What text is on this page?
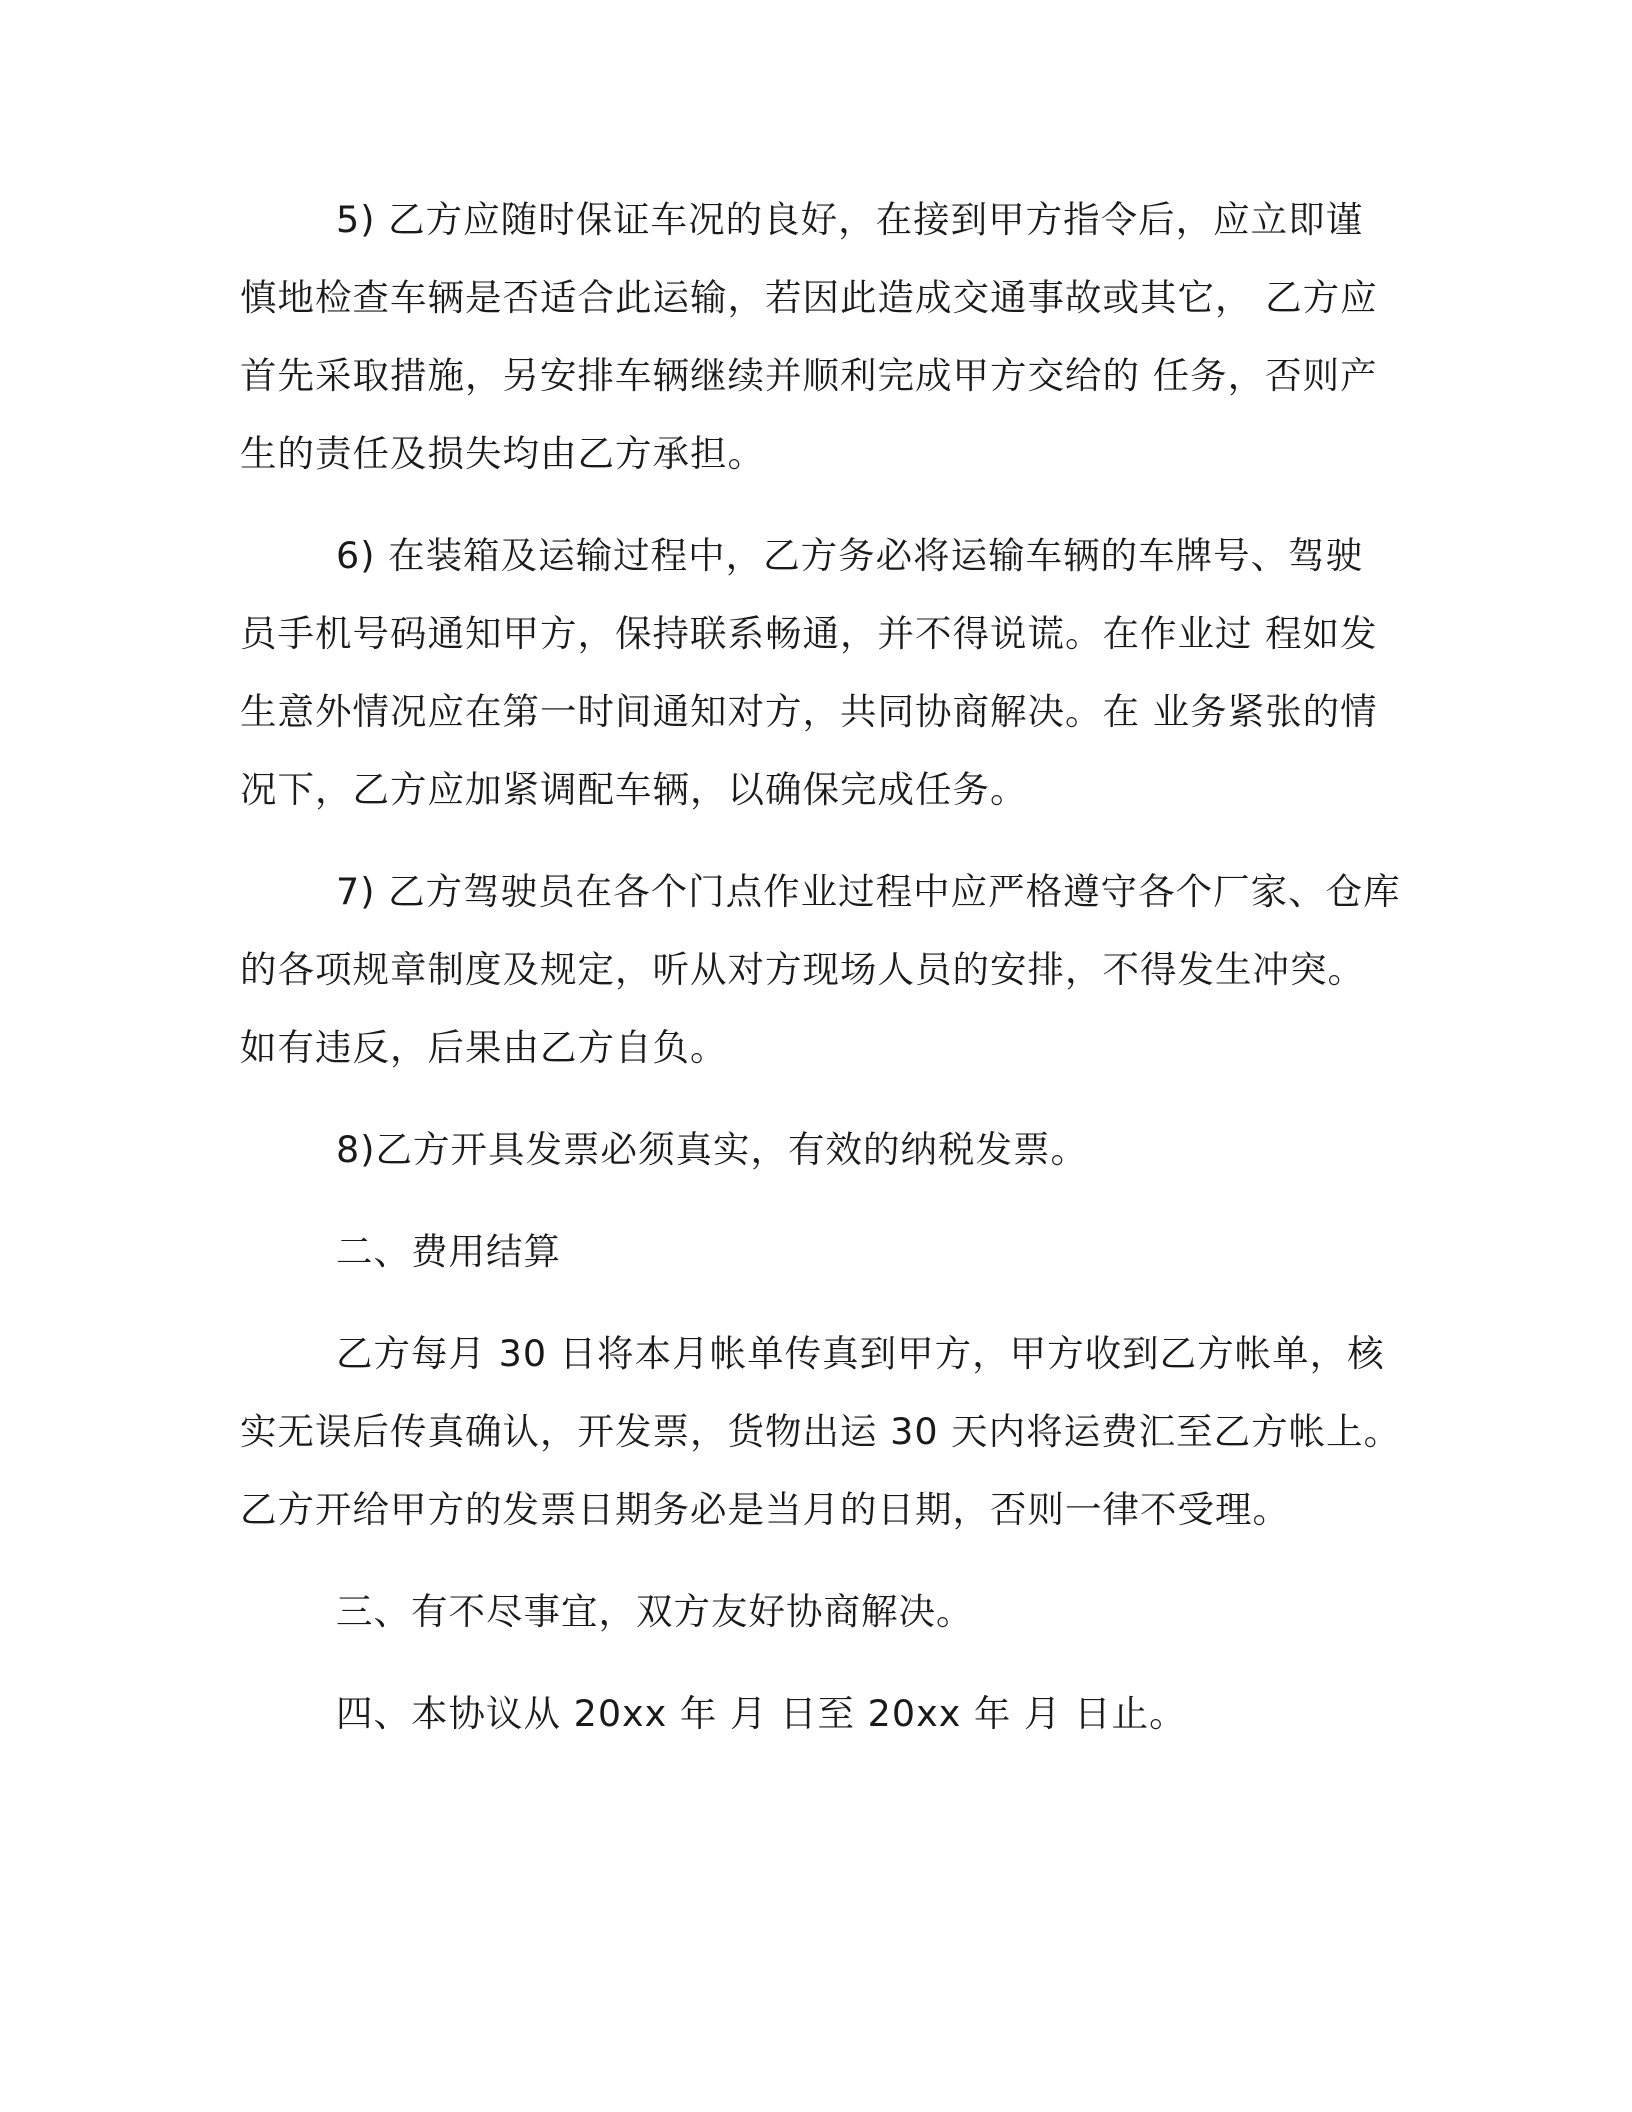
5) 乙方应随时保证车况的良好，在接到甲方指令后，应立即谨
慎地检查车辆是否适合此运输，若因此造成交通事故或其它， 乙方应
首先采取措施，另安排车辆继续并顺利完成甲方交给的 任务，否则产
生的责任及损失均由乙方承担。
6) 在装箱及运输过程中，乙方务必将运输车辆的车牌号、驾驶
员手机号码通知甲方，保持联系畅通，并不得说谎。在作业过 程如发
生意外情况应在第一时间通知对方，共同协商解决。在 业务紧张的情
况下，乙方应加紧调配车辆，以确保完成任务。
7) 乙方驾驶员在各个门点作业过程中应严格遵守各个厂家、仓库
的各项规章制度及规定，听从对方现场人员的安排，不得发生冲突。
如有违反，后果由乙方自负。
8)乙方开具发票必须真实，有效的纳税发票。
二、费用结算
乙方每月 30 日将本月帐单传真到甲方，甲方收到乙方帐单，核
实无误后传真确认，开发票，货物出运 30 天内将运费汇至乙方帐上。
乙方开给甲方的发票日期务必是当月的日期，否则一律不受理。
三、有不尽事宜，双方友好协商解决。
四、本协议从 20xx 年 月 日至 20xx 年 月 日止。
